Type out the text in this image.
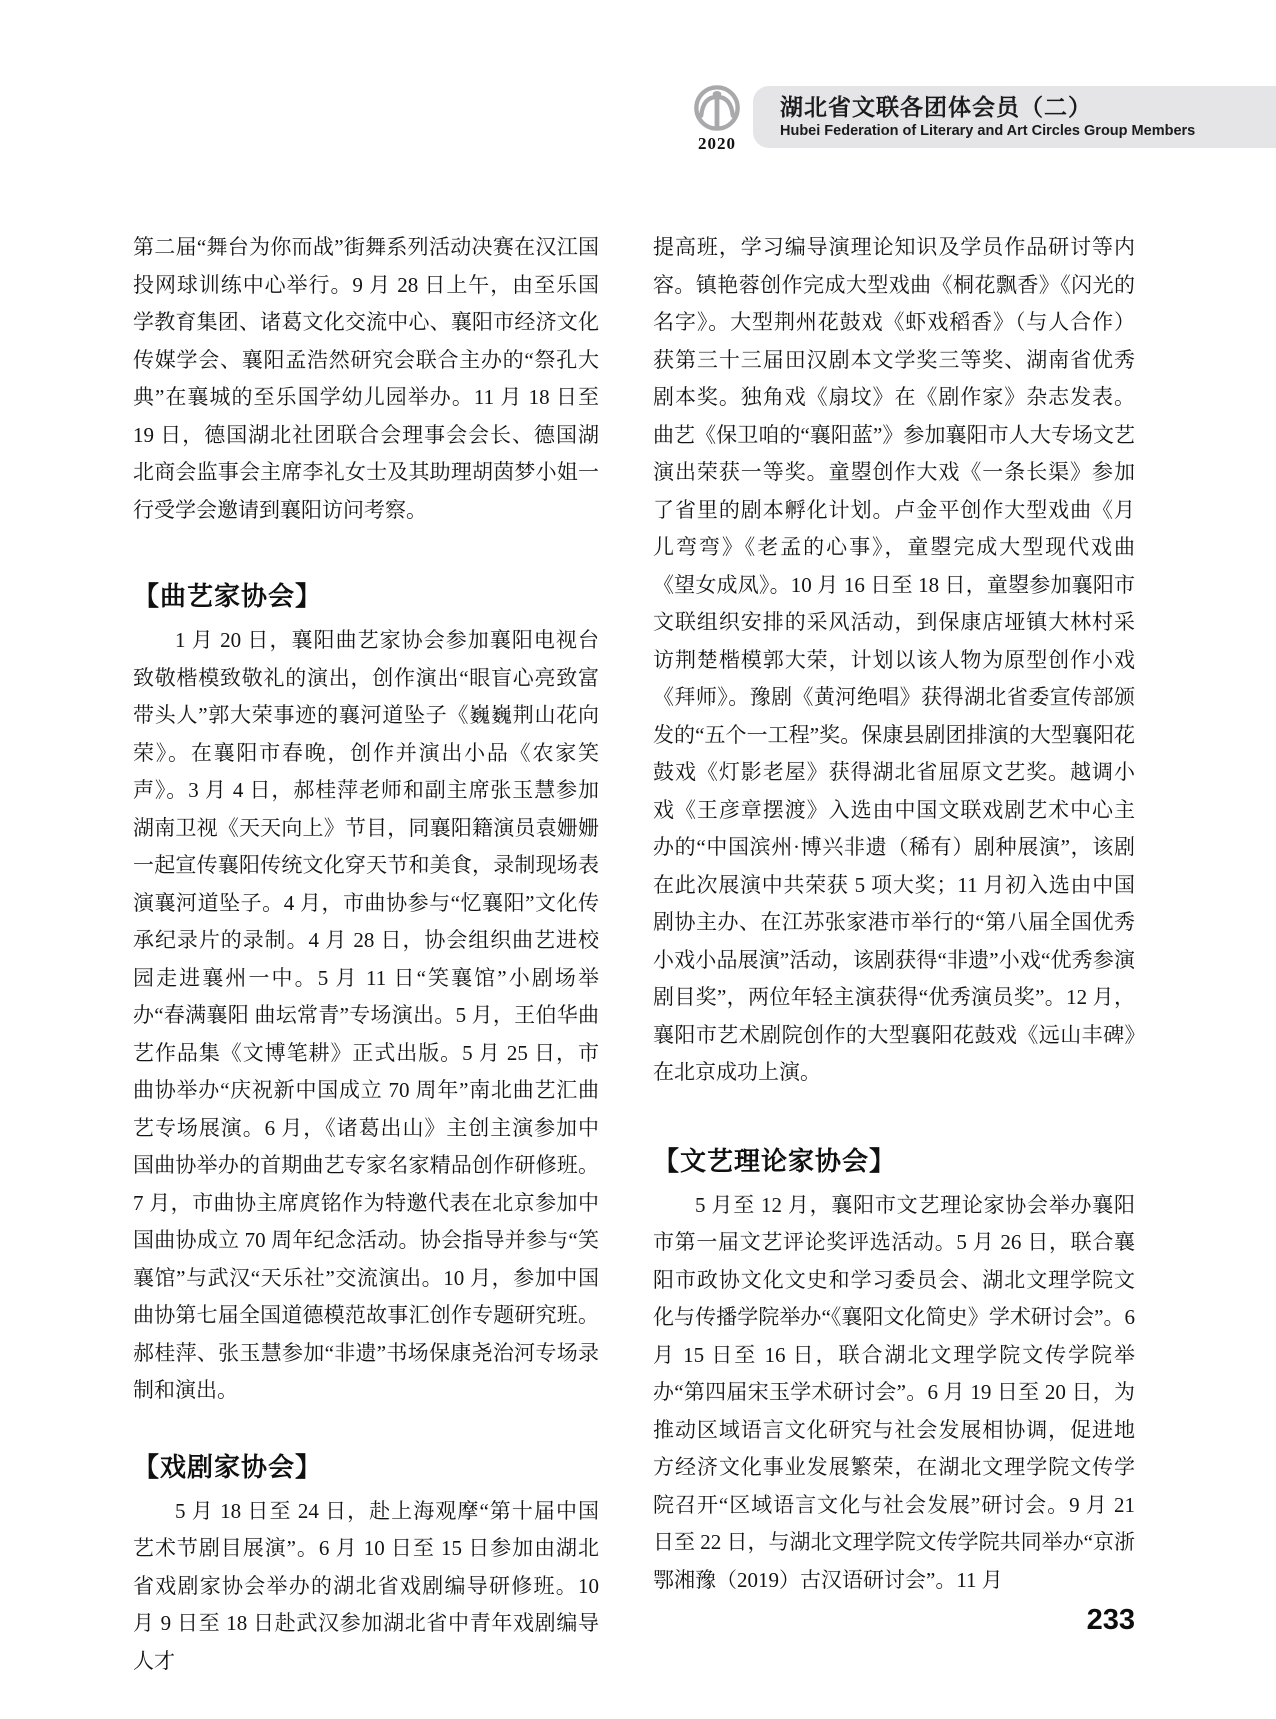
2020
湖北省文联各团体会员（二）
Hubei Federation of Literary and Art Circles Group Members

第二届“舞台为你而战”街舞系列活动决赛在汉江国投网球训练中心举行。9 月 28 日上午，由至乐国学教育集团、诸葛文化交流中心、襄阳市经济文化传媒学会、襄阳孟浩然研究会联合主办的“祭孔大典”在襄城的至乐国学幼儿园举办。11 月 18 日至 19 日，德国湖北社团联合会理事会会长、德国湖北商会监事会主席李礼女士及其助理胡茵梦小姐一行受学会邀请到襄阳访问考察。

【曲艺家协会】

1 月 20 日，襄阳曲艺家协会参加襄阳电视台致敬楷模致敬礼的演出，创作演出“眼盲心亮致富带头人”郭大荣事迹的襄河道坠子《巍巍荆山花向荣》。在襄阳市春晚，创作并演出小品《农家笑声》。3 月 4 日，郝桂萍老师和副主席张玉慧参加湖南卫视《天天向上》节目，同襄阳籍演员袁姗姗一起宣传襄阳传统文化穿天节和美食，录制现场表演襄河道坠子。4 月，市曲协参与“忆襄阳”文化传承纪录片的录制。4 月 28 日，协会组织曲艺进校园走进襄州一中。5 月 11 日“笑襄馆”小剧场举办“春满襄阳 曲坛常青”专场演出。5 月，王伯华曲艺作品集《文博笔耕》正式出版。5 月 25 日，市曲协举办“庆祝新中国成立 70 周年”南北曲艺汇曲艺专场展演。6 月，《诸葛出山》主创主演参加中国曲协举办的首期曲艺专家名家精品创作研修班。7 月，市曲协主席庹铭作为特邀代表在北京参加中国曲协成立 70 周年纪念活动。协会指导并参与“笑襄馆”与武汉“天乐社”交流演出。10 月，参加中国曲协第七届全国道德模范故事汇创作专题研究班。郝桂萍、张玉慧参加“非遗”书场保康尧治河专场录制和演出。

【戏剧家协会】

5 月 18 日至 24 日，赴上海观摩“第十届中国艺术节剧目展演”。6 月 10 日至 15 日参加由湖北省戏剧家协会举办的湖北省戏剧编导研修班。10 月 9 日至 18 日赴武汉参加湖北省中青年戏剧编导人才

提高班，学习编导演理论知识及学员作品研讨等内容。镇艳蓉创作完成大型戏曲《桐花飘香》《闪光的名字》。大型荆州花鼓戏《虾戏稻香》（与人合作）获第三十三届田汉剧本文学奖三等奖、湖南省优秀剧本奖。独角戏《扇坟》在《剧作家》杂志发表。曲艺《保卫咱的“襄阳蓝”》参加襄阳市人大专场文艺演出荣获一等奖。童曌创作大戏《一条长渠》参加了省里的剧本孵化计划。卢金平创作大型戏曲《月儿弯弯》《老孟的心事》，童曌完成大型现代戏曲《望女成凤》。10 月 16 日至 18 日，童曌参加襄阳市文联组织安排的采风活动，到保康店垭镇大林村采访荆楚楷模郭大荣，计划以该人物为原型创作小戏《拜师》。豫剧《黄河绝唱》获得湖北省委宣传部颁发的“五个一工程”奖。保康县剧团排演的大型襄阳花鼓戏《灯影老屋》获得湖北省屈原文艺奖。越调小戏《王彦章摆渡》入选由中国文联戏剧艺术中心主办的“中国滨州·博兴非遗（稀有）剧种展演”，该剧在此次展演中共荣获 5 项大奖；11 月初入选由中国剧协主办、在江苏张家港市举行的“第八届全国优秀小戏小品展演”活动，该剧获得“非遗”小戏“优秀参演剧目奖”，两位年轻主演获得“优秀演员奖”。12 月，襄阳市艺术剧院创作的大型襄阳花鼓戏《远山丰碑》在北京成功上演。

【文艺理论家协会】

5 月至 12 月，襄阳市文艺理论家协会举办襄阳市第一届文艺评论奖评选活动。5 月 26 日，联合襄阳市政协文化文史和学习委员会、湖北文理学院文化与传播学院举办“《襄阳文化简史》学术研讨会”。6 月 15 日至 16 日，联合湖北文理学院文传学院举办“第四届宋玉学术研讨会”。6 月 19 日至 20 日，为推动区域语言文化研究与社会发展相协调，促进地方经济文化事业发展繁荣，在湖北文理学院文传学院召开“区域语言文化与社会发展”研讨会。9 月 21 日至 22 日，与湖北文理学院文传学院共同举办“京浙鄂湘豫（2019）古汉语研讨会”。11 月

233
